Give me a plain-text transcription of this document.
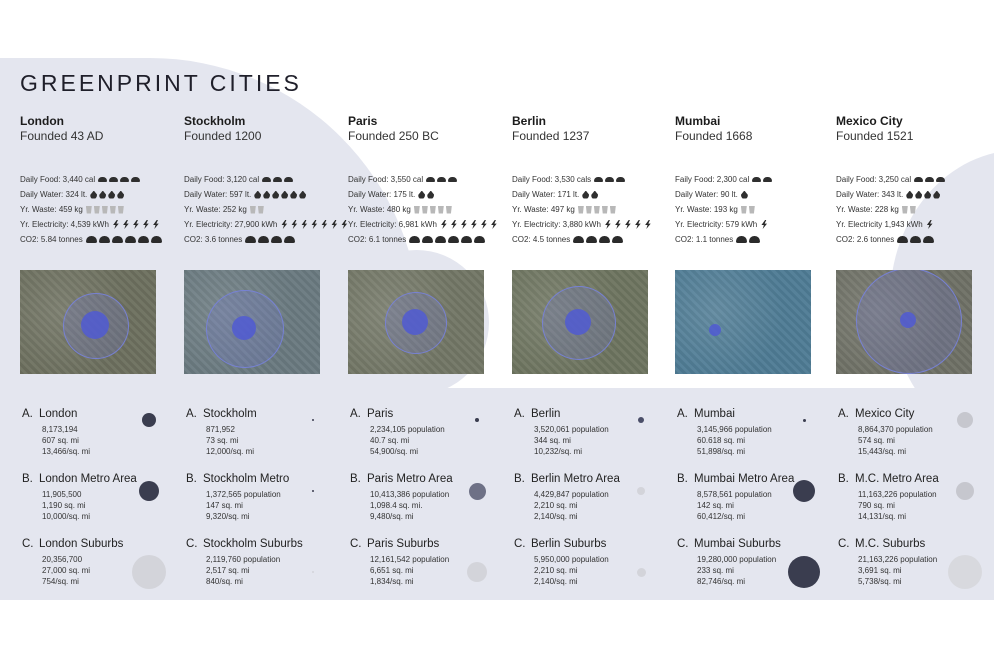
GREENPRINT CITIES
London
Founded 43 AD
Daily Food: 3,440 cal
Daily Water: 324 lt.
Yr. Waste: 459 kg
Yr. Electricity: 4,539 kWh
CO2: 5.84 tonnes
A. London
8,173,194
607 sq. mi
13,466/sq. mi
B. London Metro Area
11,905,500
1,190 sq. mi
10,000/sq. mi
C. London Suburbs
20,356,700
27,000 sq. mi
754/sq. mi
Stockholm
Founded 1200
Daily Food: 3,120 cal
Daily Water: 597 lt.
Yr. Waste: 252 kg
Yr. Electricity: 27,900 kWh
CO2: 3.6 tonnes
A. Stockholm
871,952
73 sq. mi
12,000/sq. mi
B. Stockholm Metro
1,372,565 population
147 sq. mi
9,320/sq. mi
C. Stockholm Suburbs
2,119,760 population
2,517 sq. mi
840/sq. mi
Paris
Founded 250 BC
Daily Food: 3,550 cal
Daily Water: 175 lt.
Yr. Waste: 480 kg
Yr. Electricity: 6,981 kWh
CO2: 6.1 tonnes
A. Paris
2,234,105 population
40.7 sq. mi
54,900/sq. mi
B. Paris Metro Area
10,413,386 population
1,098.4 sq. mi.
9,480/sq. mi
C. Paris Suburbs
12,161,542 population
6,651 sq. mi
1,834/sq. mi
Berlin
Founded 1237
Daily Food: 3,530 cals
Daily Water: 171 lt.
Yr. Waste: 497 kg
Yr. Electricity: 3,880 kWh
CO2: 4.5 tonnes
A. Berlin
3,520,061 population
344 sq. mi
10,232/sq. mi
B. Berlin Metro Area
4,429,847 population
2,210 sq. mi
2,140/sq. mi
C. Berlin Suburbs
5,950,000 population
2,210 sq. mi
2,140/sq. mi
Mumbai
Founded 1668
Faily Food: 2,300 cal
Daily Water: 90 lt.
Yr. Waste: 193 kg
Yr. Electricity: 579 kWh
CO2: 1.1 tonnes
A. Mumbai
3,145,966 population
60.618 sq. mi
51,898/sq. mi
B. Mumbai Metro Area
8,578,561 population
142 sq. mi
60,412/sq. mi
C. Mumbai Suburbs
19,280,000 population
233 sq. mi
82,746/sq. mi
Mexico City
Founded 1521
Daily Food: 3,250 cal
Daily Water: 343 lt.
Yr. Waste: 228 kg
Yr. Electricity 1,943 kWh
CO2: 2.6 tonnes
A. Mexico City
8,864,370 population
574 sq. mi
15,443/sq. mi
B. M.C. Metro Area
11,163,226 population
790 sq. mi
14,131/sq. mi
C. M.C. Suburbs
21,163,226 population
3,691 sq. mi
5,738/sq. mi
